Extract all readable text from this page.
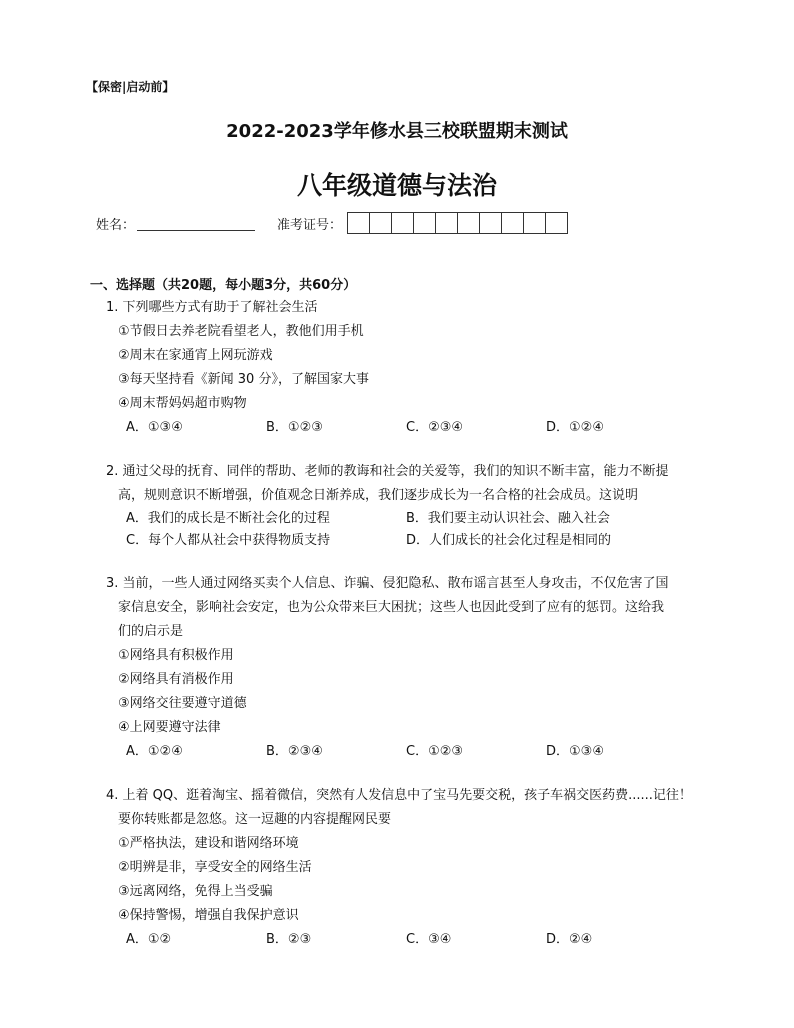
【保密|启动前】
2022-2023学年修水县三校联盟期末测试
八年级道德与法治
姓名：	准考证号：
一、选择题（共20题，每小题3分，共60分）
1. 下列哪些方式有助于了解社会生活
①节假日去养老院看望老人，教他们用手机
②周末在家通宵上网玩游戏
③每天坚持看《新闻 30 分》，了解国家大事
④周末帮妈妈超市购物
A．①③④	B．①②③	C．②③④	D．①②④
2. 通过父母的抚育、同伴的帮助、老师的教诲和社会的关爱等，我们的知识不断丰富，能力不断提
高，规则意识不断增强，价值观念日渐养成，我们逐步成长为一名合格的社会成员。这说明
A．我们的成长是不断社会化的过程	B．我们要主动认识社会、融入社会
C．每个人都从社会中获得物质支持	D．人们成长的社会化过程是相同的
3. 当前，一些人通过网络买卖个人信息、诈骗、侵犯隐私、散布谣言甚至人身攻击，不仅危害了国
家信息安全，影响社会安定，也为公众带来巨大困扰；这些人也因此受到了应有的惩罚。这给我
们的启示是
①网络具有积极作用
②网络具有消极作用
③网络交往要遵守道德
④上网要遵守法律
A．①②④	B．②③④	C．①②③	D．①③④
4. 上着 QQ、逛着淘宝、摇着微信，突然有人发信息中了宝马先要交税，孩子车祸交医药费......记往！
要你转账都是忽悠。这一逗趣的内容提醒网民要
①严格执法，建设和谐网络环境
②明辨是非，享受安全的网络生活
③远离网络，免得上当受骗
④保持警惕，增强自我保护意识
A．①②	B．②③	C．③④	D．②④
